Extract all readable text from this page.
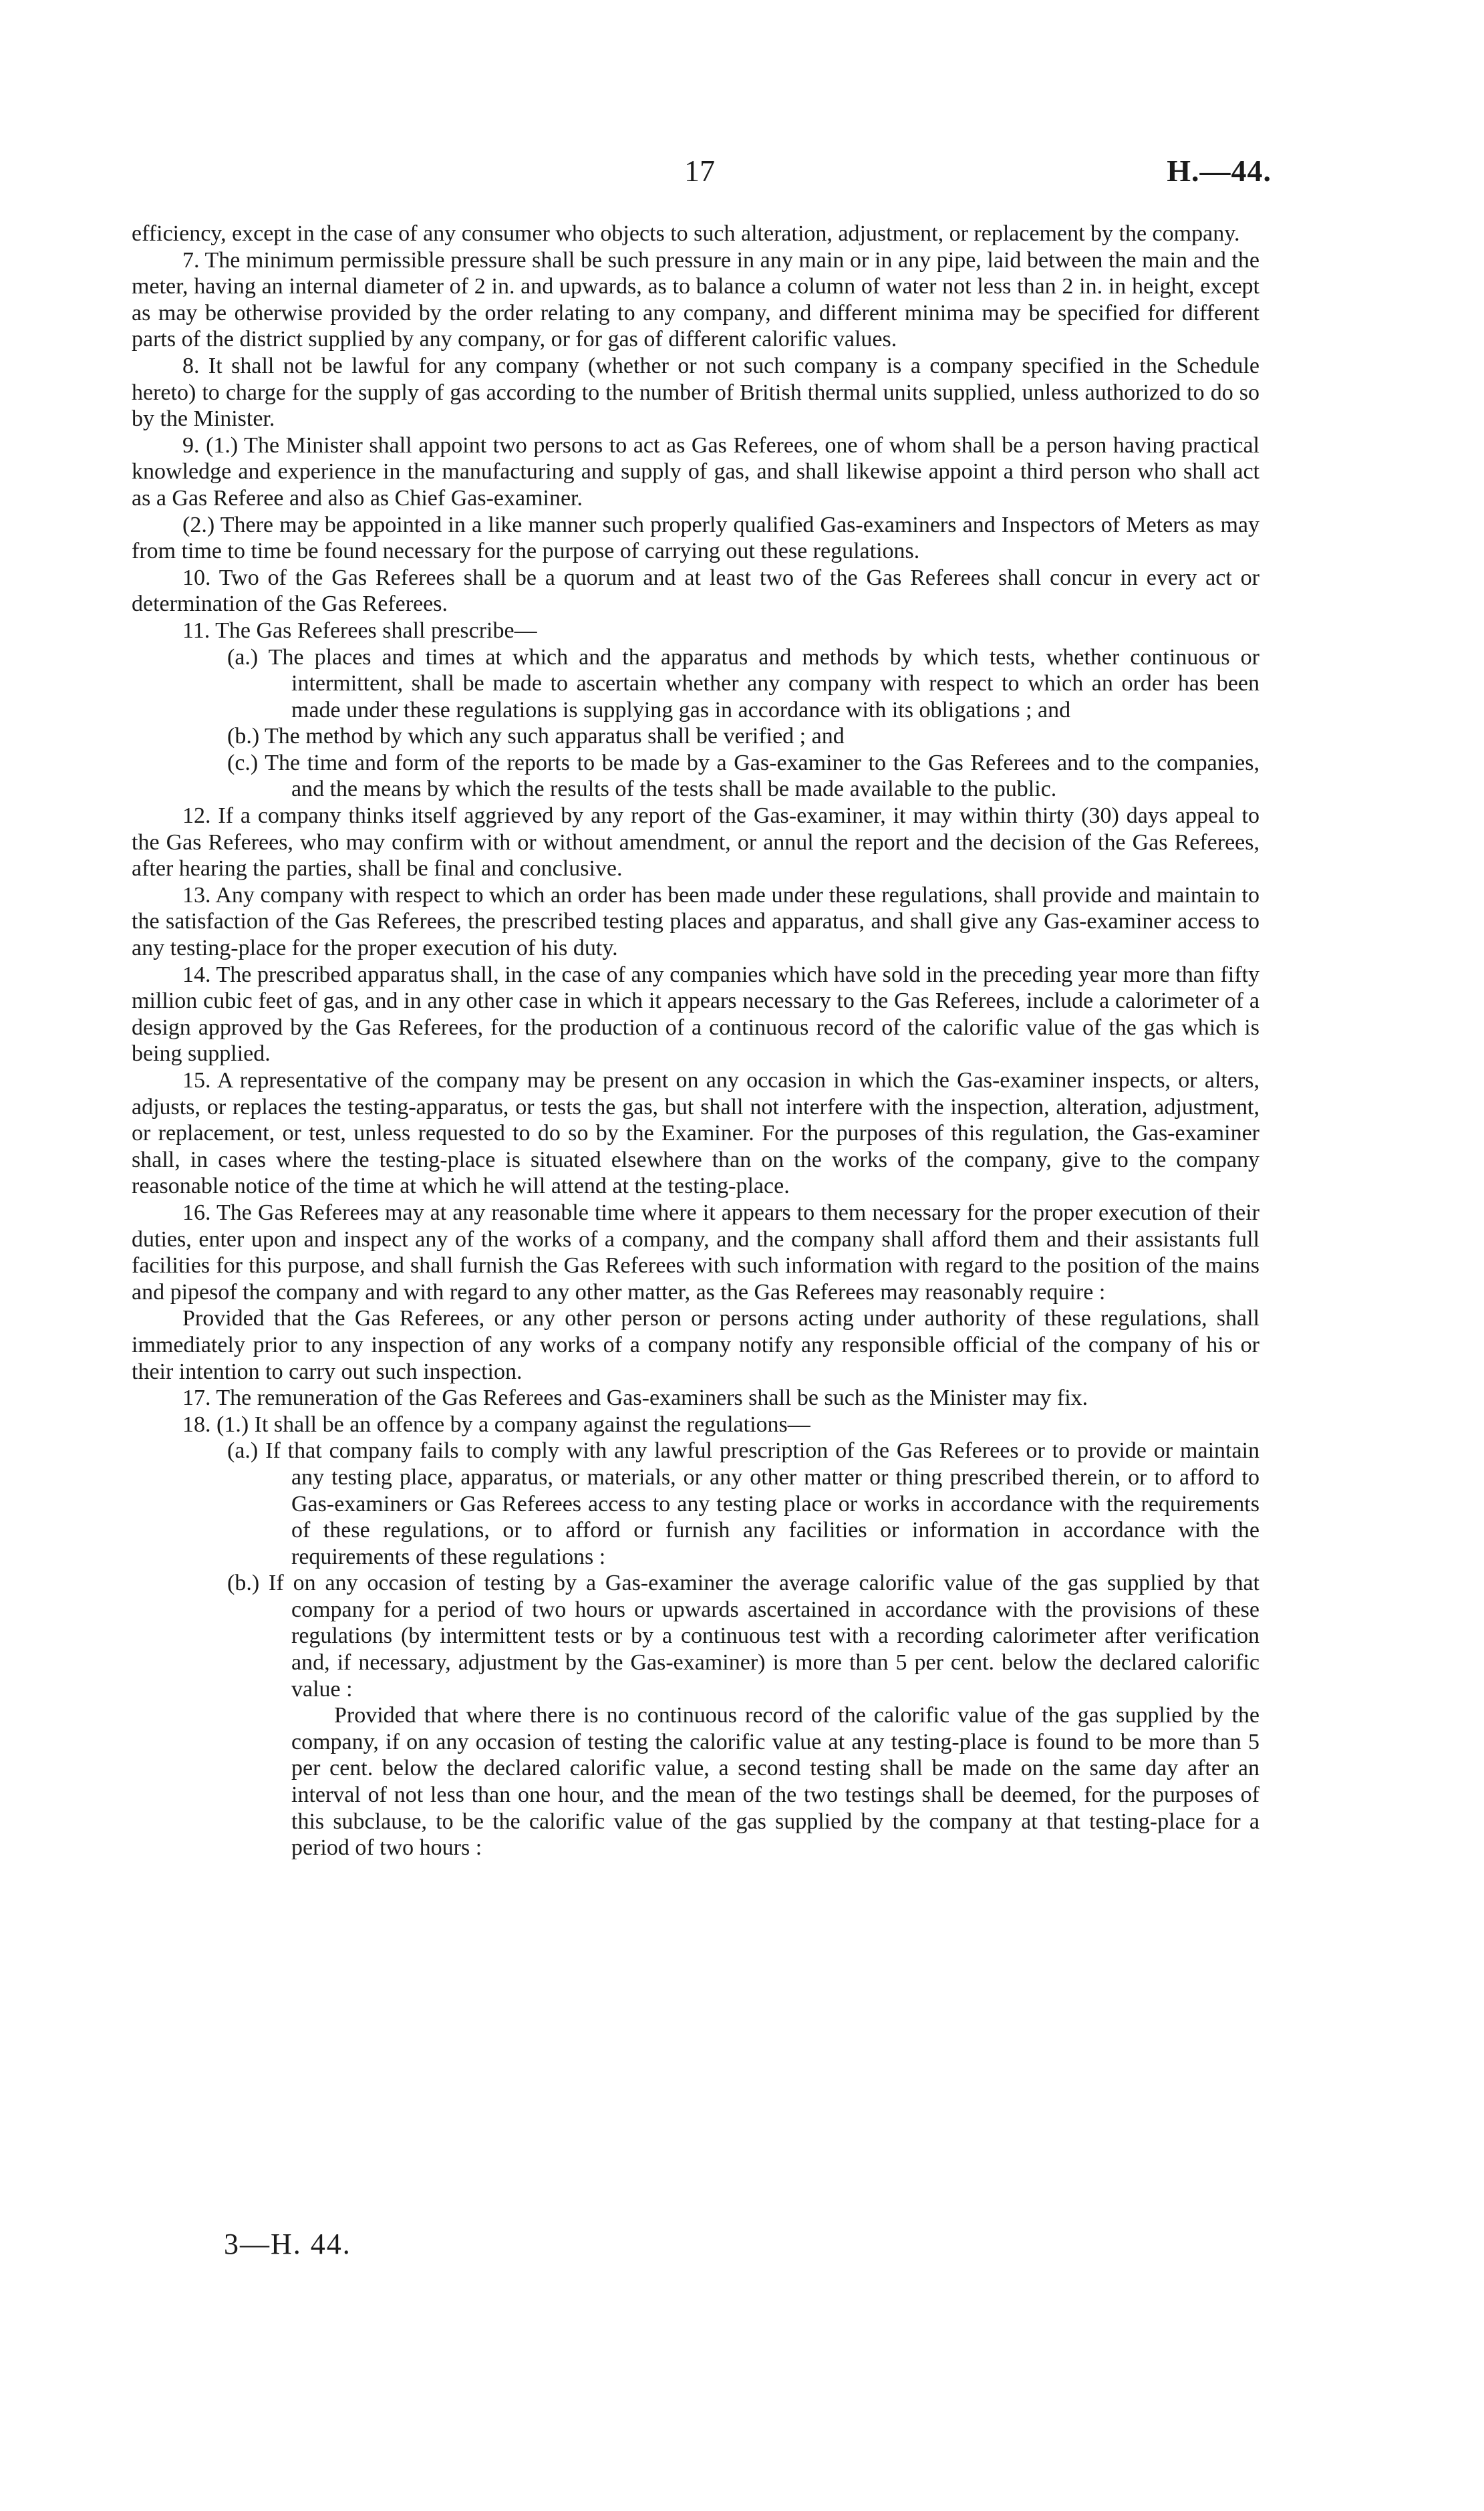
17	H.—44.

efficiency, except in the case of any consumer who objects to such alteration, adjustment, or replacement by the company.

7. The minimum permissible pressure shall be such pressure in any main or in any pipe, laid between the main and the meter, having an internal diameter of 2 in. and upwards, as to balance a column of water not less than 2 in. in height, except as may be otherwise provided by the order relating to any company, and different minima may be specified for different parts of the district supplied by any company, or for gas of different calorific values.

8. It shall not be lawful for any company (whether or not such company is a company specified in the Schedule hereto) to charge for the supply of gas according to the number of British thermal units supplied, unless authorized to do so by the Minister.

9. (1.) The Minister shall appoint two persons to act as Gas Referees, one of whom shall be a person having practical knowledge and experience in the manufacturing and supply of gas, and shall likewise appoint a third person who shall act as a Gas Referee and also as Chief Gas-examiner.

(2.) There may be appointed in a like manner such properly qualified Gas-examiners and Inspectors of Meters as may from time to time be found necessary for the purpose of carrying out these regulations.

10. Two of the Gas Referees shall be a quorum and at least two of the Gas Referees shall concur in every act or determination of the Gas Referees.

11. The Gas Referees shall prescribe—

(a.) The places and times at which and the apparatus and methods by which tests, whether continuous or intermittent, shall be made to ascertain whether any company with respect to which an order has been made under these regulations is supplying gas in accordance with its obligations ; and

(b.) The method by which any such apparatus shall be verified ; and

(c.) The time and form of the reports to be made by a Gas-examiner to the Gas Referees and to the companies, and the means by which the results of the tests shall be made available to the public.

12. If a company thinks itself aggrieved by any report of the Gas-examiner, it may within thirty (30) days appeal to the Gas Referees, who may confirm with or without amendment, or annul the report and the decision of the Gas Referees, after hearing the parties, shall be final and conclusive.

13. Any company with respect to which an order has been made under these regulations, shall provide and maintain to the satisfaction of the Gas Referees, the prescribed testing places and apparatus, and shall give any Gas-examiner access to any testing-place for the proper execution of his duty.

14. The prescribed apparatus shall, in the case of any companies which have sold in the preceding year more than fifty million cubic feet of gas, and in any other case in which it appears necessary to the Gas Referees, include a calorimeter of a design approved by the Gas Referees, for the production of a continuous record of the calorific value of the gas which is being supplied.

15. A representative of the company may be present on any occasion in which the Gas-examiner inspects, or alters, adjusts, or replaces the testing-apparatus, or tests the gas, but shall not interfere with the inspection, alteration, adjustment, or replacement, or test, unless requested to do so by the Examiner. For the purposes of this regulation, the Gas-examiner shall, in cases where the testing-place is situated elsewhere than on the works of the company, give to the company reasonable notice of the time at which he will attend at the testing-place.

16. The Gas Referees may at any reasonable time where it appears to them necessary for the proper execution of their duties, enter upon and inspect any of the works of a company, and the company shall afford them and their assistants full facilities for this purpose, and shall furnish the Gas Referees with such information with regard to the position of the mains and pipesof the company and with regard to any other matter, as the Gas Referees may reasonably require :

Provided that the Gas Referees, or any other person or persons acting under authority of these regulations, shall immediately prior to any inspection of any works of a company notify any responsible official of the company of his or their intention to carry out such inspection.

17. The remuneration of the Gas Referees and Gas-examiners shall be such as the Minister may fix.

18. (1.) It shall be an offence by a company against the regulations—

(a.) If that company fails to comply with any lawful prescription of the Gas Referees or to provide or maintain any testing place, apparatus, or materials, or any other matter or thing prescribed therein, or to afford to Gas-examiners or Gas Referees access to any testing place or works in accordance with the requirements of these regulations, or to afford or furnish any facilities or information in accordance with the requirements of these regulations :

(b.) If on any occasion of testing by a Gas-examiner the average calorific value of the gas supplied by that company for a period of two hours or upwards ascertained in accordance with the provisions of these regulations (by intermittent tests or by a continuous test with a recording calorimeter after verification and, if necessary, adjustment by the Gas-examiner) is more than 5 per cent. below the declared calorific value :

Provided that where there is no continuous record of the calorific value of the gas supplied by the company, if on any occasion of testing the calorific value at any testing-place is found to be more than 5 per cent. below the declared calorific value, a second testing shall be made on the same day after an interval of not less than one hour, and the mean of the two testings shall be deemed, for the purposes of this subclause, to be the calorific value of the gas supplied by the company at that testing-place for a period of two hours :

3—H. 44.
